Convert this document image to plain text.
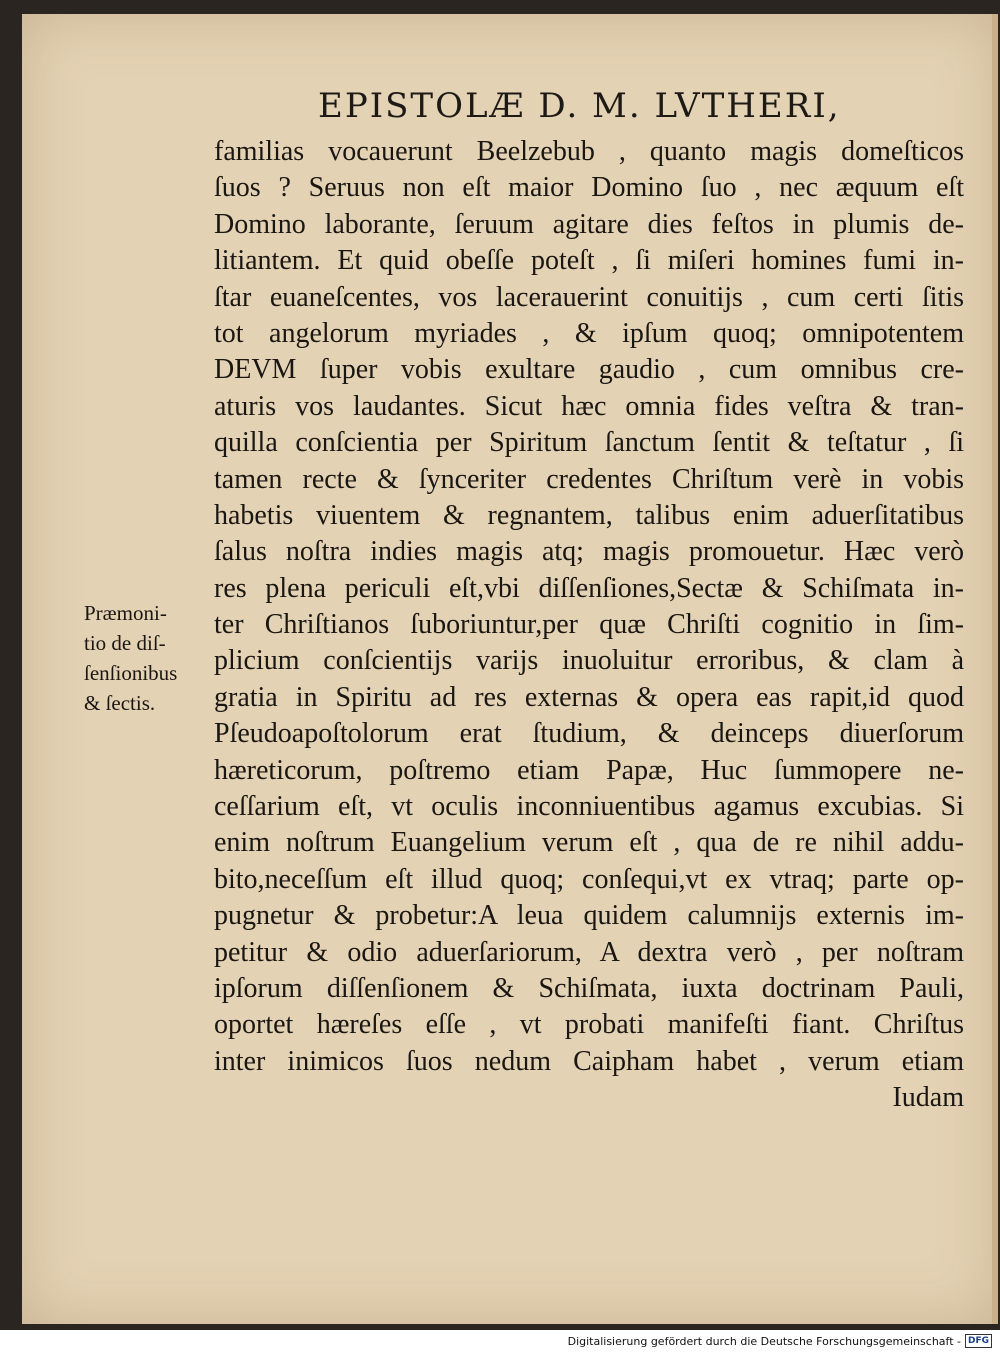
EPISTOLÆ D. M. LVTHERI,
Præmoni-
tio de diſ-
ſenſionibus
& ſectis.
familias vocauerunt Beelzebub , quanto magis domeſticos
ſuos ? Seruus non eſt maior Domino ſuo , nec æquum eſt
Domino laborante, ſeruum agitare dies feſtos in plumis de-
litiantem. Et quid obeſſe poteſt , ſi miſeri homines fumi in-
ſtar euaneſcentes, vos lacerauerint conuitijs , cum certi ſitis
tot angelorum myriades , & ipſum quoq; omnipotentem
DEVM ſuper vobis exultare gaudio , cum omnibus cre-
aturis vos laudantes. Sicut hæc omnia fides veſtra & tran-
quilla conſcientia per Spiritum ſanctum ſentit & teſtatur , ſi
tamen recte & ſynceriter credentes Chriſtum verè in vobis
habetis viuentem & regnantem, talibus enim aduerſitatibus
ſalus noſtra indies magis atq; magis promouetur. Hæc verò
res plena periculi eſt,vbi diſſenſiones,Sectæ & Schiſmata in-
ter Chriſtianos ſuboriuntur,per quæ Chriſti cognitio in ſim-
plicium conſcientijs varijs inuoluitur erroribus, & clam à
gratia in Spiritu ad res externas & opera eas rapit,id quod
Pſeudoapoſtolorum erat ſtudium, & deinceps diuerſorum
hæreticorum, poſtremo etiam Papæ, Huc ſummopere ne-
ceſſarium eſt, vt oculis inconniuentibus agamus excubias. Si
enim noſtrum Euangelium verum eſt , qua de re nihil addu-
bito,neceſſum eſt illud quoq; conſequi,vt ex vtraq; parte op-
pugnetur & probetur:A leua quidem calumnijs externis im-
petitur & odio aduerſariorum, A dextra verò , per noſtram
ipſorum diſſenſionem & Schiſmata, iuxta doctrinam Pauli,
oportet hæreſes eſſe , vt probati manifeſti fiant. Chriſtus
inter inimicos ſuos nedum Caipham habet , verum etiam
Iudam
Digitalisierung gefördert durch die Deutsche Forschungsgemeinschaft - DFG
